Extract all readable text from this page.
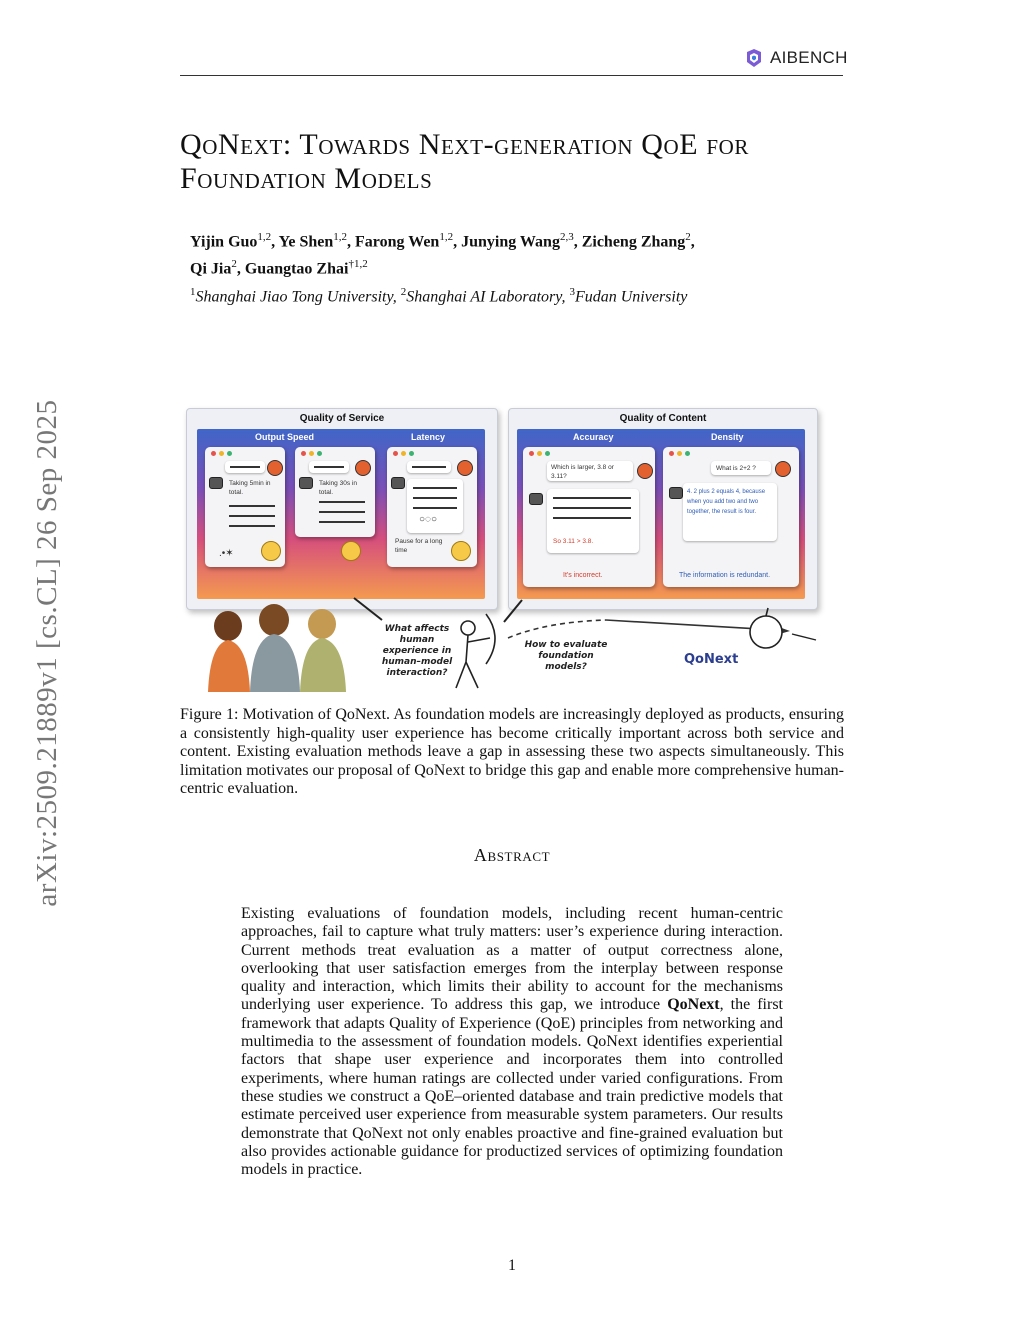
AIBENCH
arXiv:2509.21889v1 [cs.CL] 26 Sep 2025
QoNext: Towards Next-generation QoE for
Foundation Models
Yijin Guo$^{1,2}$, Ye Shen$^{1,2}$, Farong Wen$^{1,2}$, Junying Wang$^{2,3}$, Zicheng Zhang$^2$,
Qi Jia$^2$, Guangtao Zhai$^{\dagger 1,2}$
$^1$Shanghai Jiao Tong University, $^2$Shanghai AI Laboratory, $^3$Fudan University
Quality of Service
Output Speed	Latency
Taking 5min in total.
.•✶
Taking 30s in total.
○◌○
Pause for a long time
Quality of Content
Accuracy	Density
Which is larger, 3.8 or 3.11?
So 3.11 > 3.8.
It's incorrect.
What is 2+2 ?
4. 2 plus 2 equals 4, because when you add two and two together, the result is four.
The information is redundant.
What affects human experience in human–model interaction?
How to evaluate foundation models?	QoNext
Figure 1: Motivation of QoNext. As foundation models are increasingly deployed as products, ensuring a consistently high-quality user experience has become critically important across both service and content. Existing evaluation methods leave a gap in assessing these two aspects simultaneously. This limitation motivates our proposal of QoNext to bridge this gap and enable more comprehensive human-centric evaluation.
Abstract
Existing evaluations of foundation models, including recent human-centric approaches, fail to capture what truly matters: user’s experience during interaction. Current methods treat evaluation as a matter of output correctness alone, overlooking that user satisfaction emerges from the interplay between response quality and interaction, which limits their ability to account for the mechanisms underlying user experience. To address this gap, we introduce QoNext, the first framework that adapts Quality of Experience (QoE) principles from networking and multimedia to the assessment of foundation models. QoNext identifies experiential factors that shape user experience and incorporates them into controlled experiments, where human ratings are collected under varied configurations. From these studies we construct a QoE–oriented database and train predictive models that estimate perceived user experience from measurable system parameters. Our results demonstrate that QoNext not only enables proactive and fine-grained evaluation but also provides actionable guidance for productized services of optimizing foundation models in practice.
1
